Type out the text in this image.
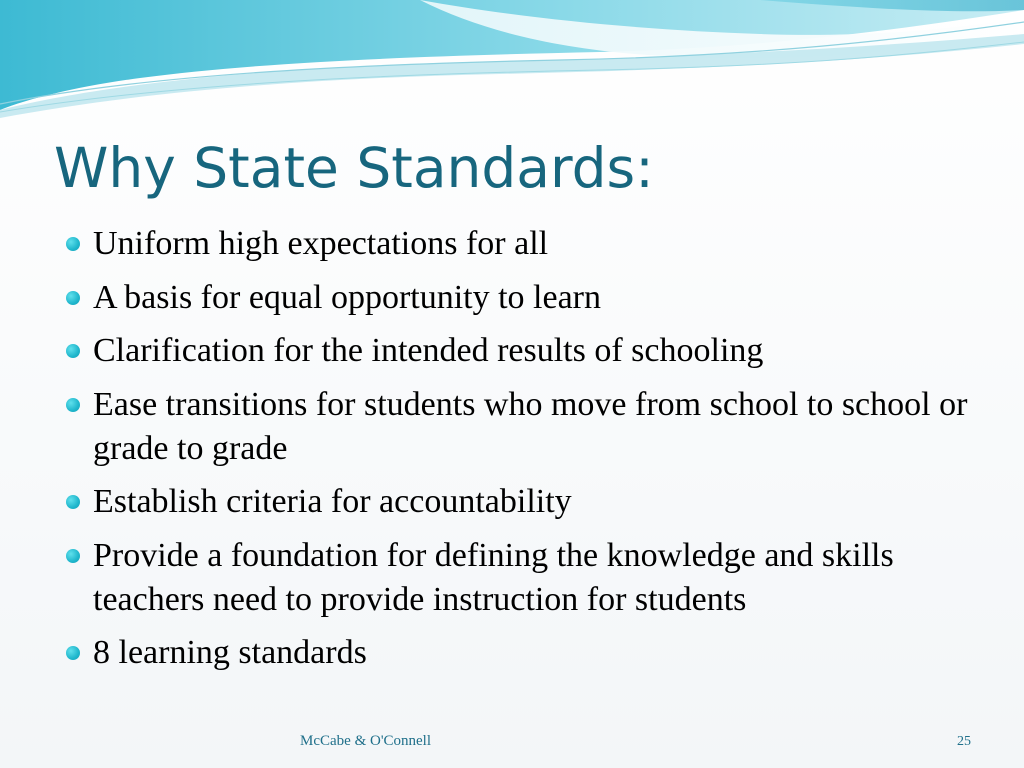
Why State Standards:
Uniform high expectations for all
A basis for equal opportunity to learn
Clarification for the intended results of schooling
Ease transitions for students who move from school to school or grade to grade
Establish criteria for accountability
Provide a foundation for defining the knowledge and skills teachers need to provide instruction for students
8 learning standards
McCabe & O'Connell	25
